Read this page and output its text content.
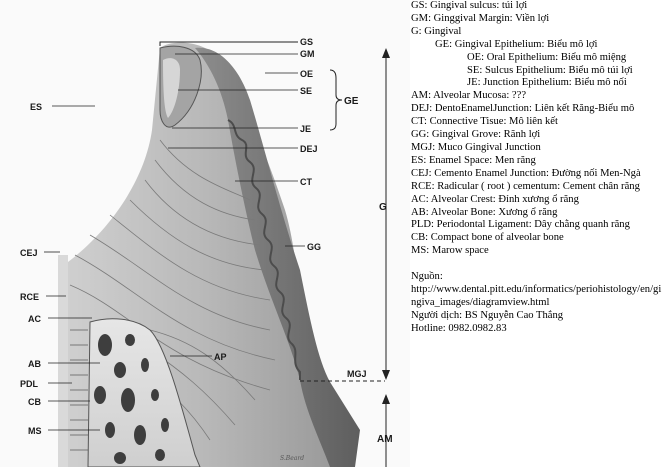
GS
GM
OE
SE
GE
JE
DEJ
CT
GG
G
MGJ
AM
AP
ES
CEJ
RCE
AC
AB
PDL
CB
MS
S.Beard

GS: Gingival sulcus: túi lợi

GM: Ginggival Margin: Viền lợi

G: Gingival

GE: Gingival Epithelium: Biểu mô lợi

OE: Oral Epithelium: Biểu mô miệng

SE: Sulcus Epithelium: Biểu mô túi lợi

JE: Junction Epithelium: Biểu mô nối

AM: Alveolar Mucosa: ???

DEJ: DentoEnamelJunction: Liên kết Răng-Biểu mô

CT: Connective Tisue: Mô liên kết

GG: Gingival Grove: Rãnh lợi

MGJ: Muco Gingival Junction

ES: Enamel Space: Men răng

CEJ: Cemento Enamel Junction: Đường nối Men-Ngà

RCE: Radicular ( root ) cementum: Cement chân răng

AC: Alveolar Crest: Đỉnh xương ổ răng

AB: Alveolar Bone: Xương ổ răng

PLD: Periodontal Ligament: Dây chằng quanh răng

CB: Compact bone of alveolar bone

MS: Marow space

Nguồn:

http://www.dental.pitt.edu/informatics/periohistology/en/gingiva_images/diagramview.html

Người dịch: BS Nguyễn Cao Thắng

Hotline: 0982.0982.83
